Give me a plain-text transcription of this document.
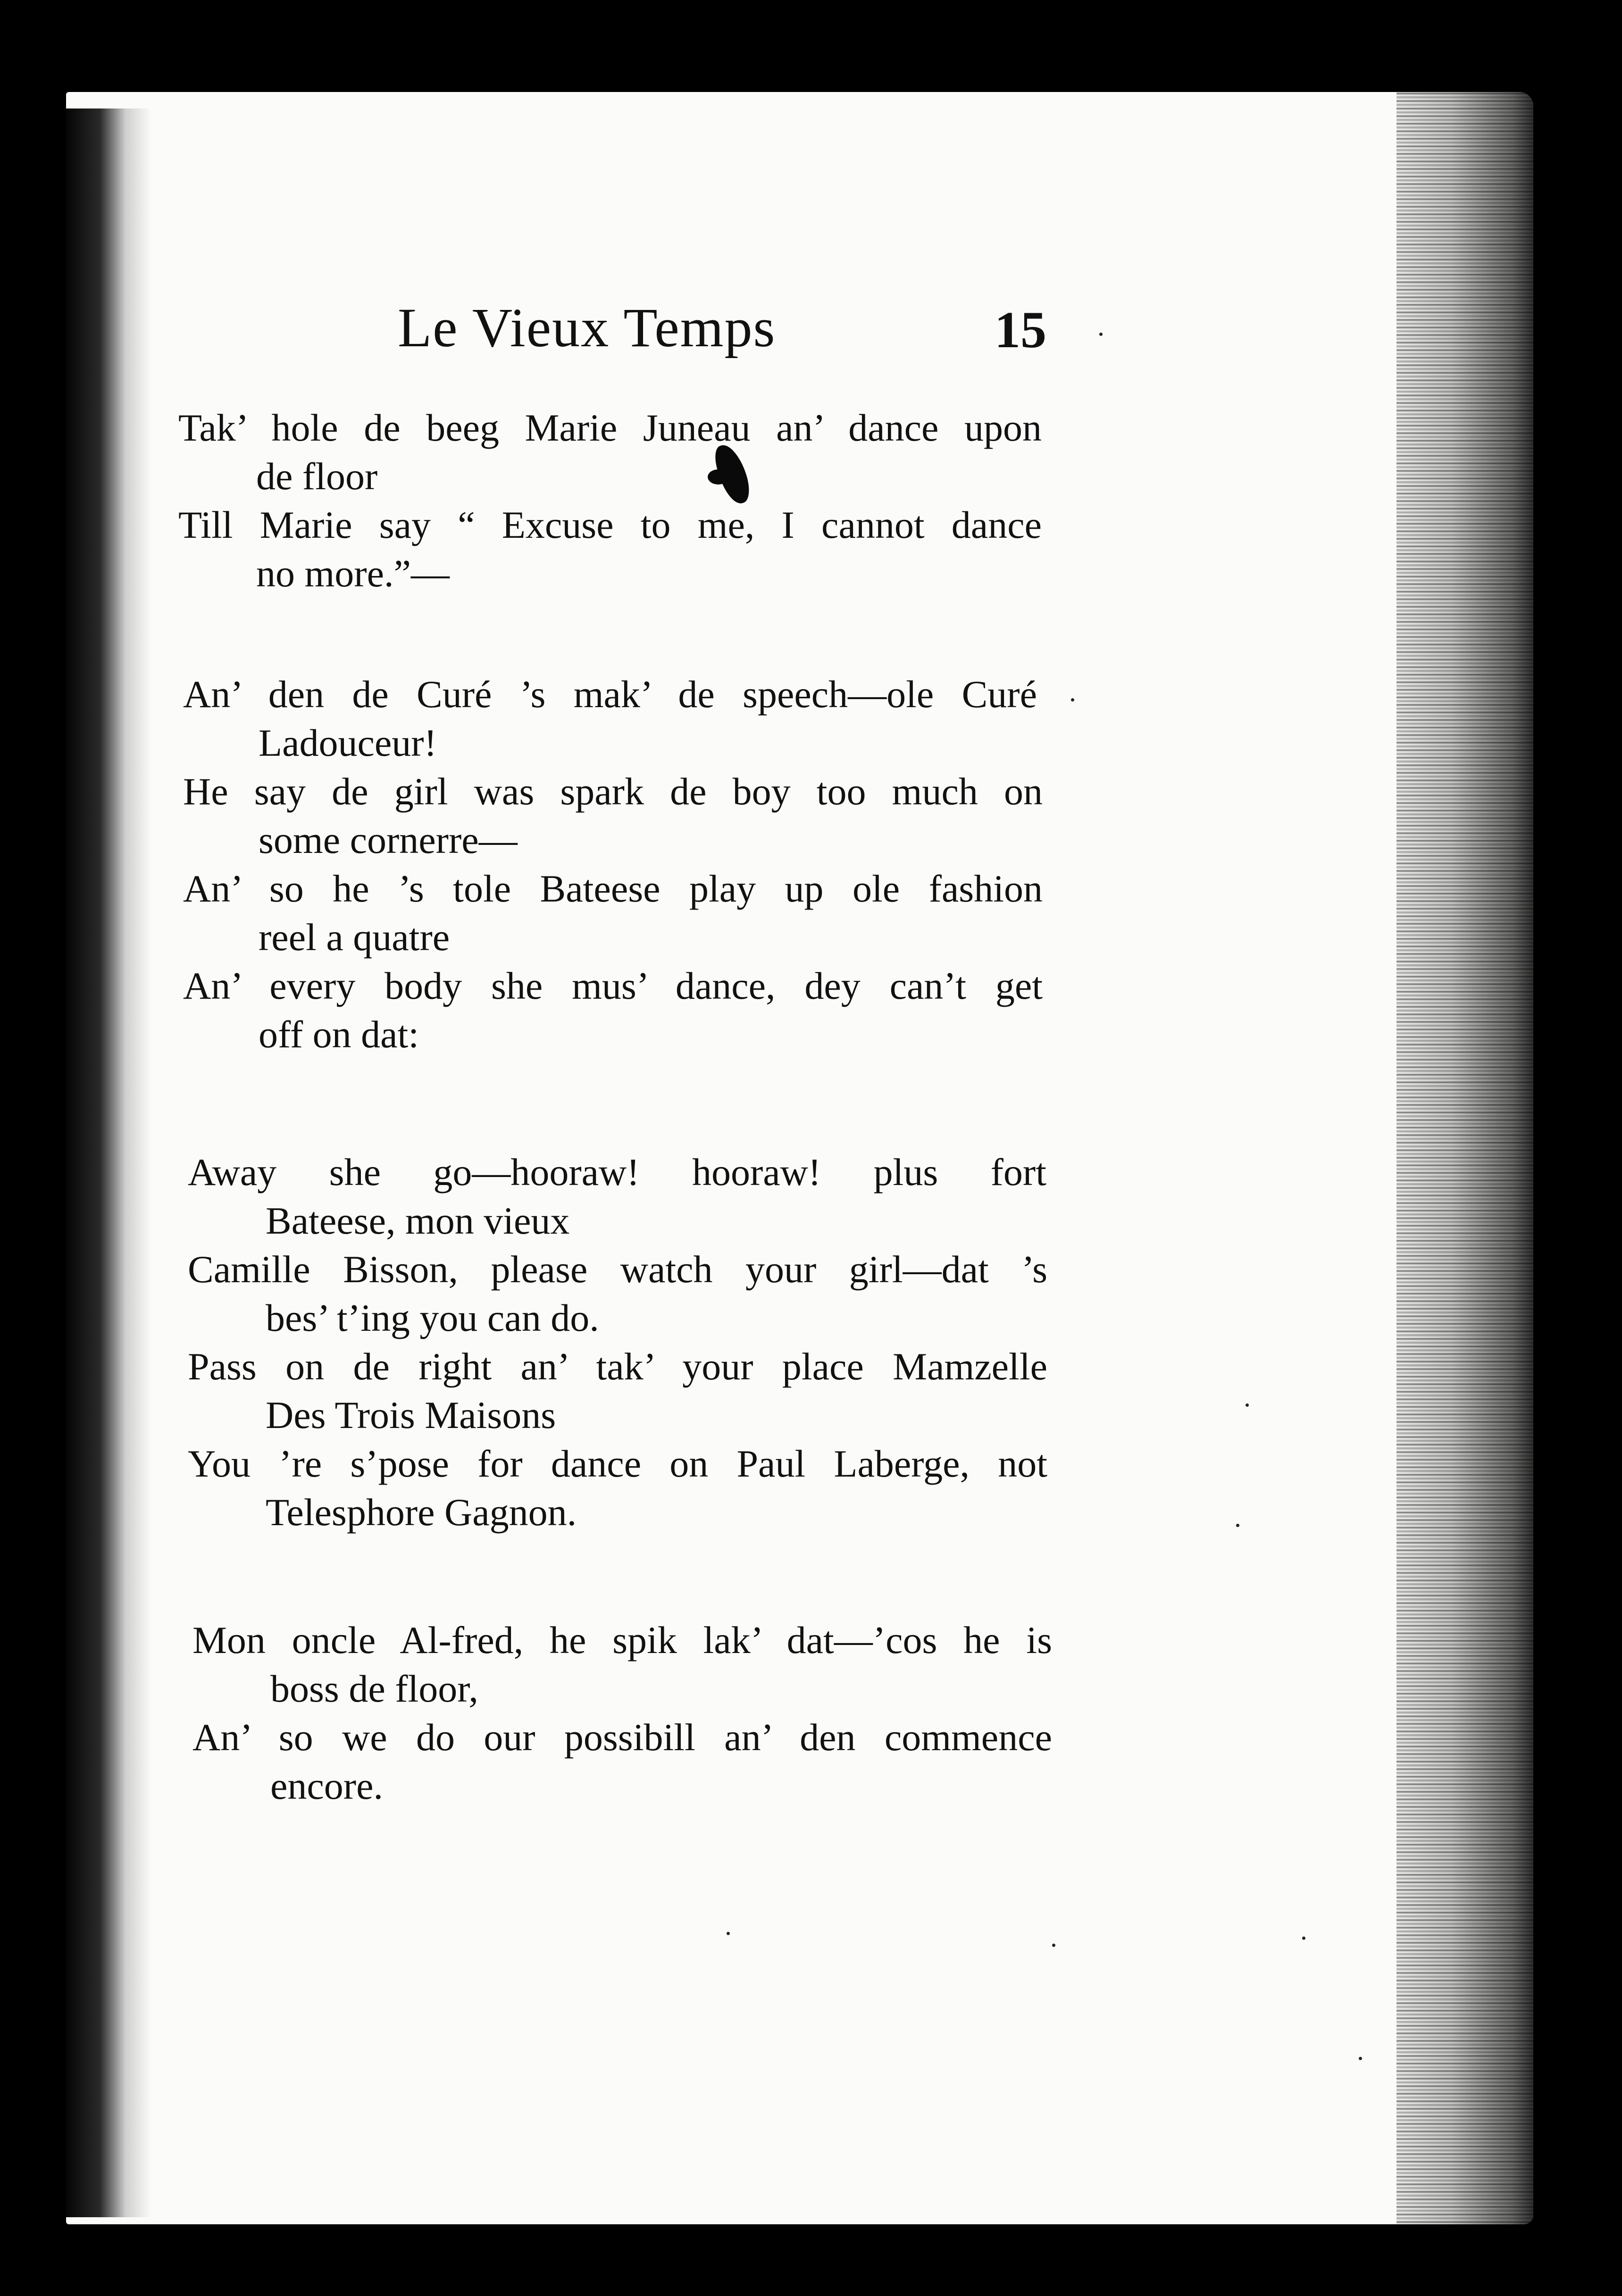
Le Vieux Temps	15

Tak’ hole de beeg Marie Juneau an’ dance upon

de floor

Till Marie say “ Excuse to me, I cannot dance

no more.”—

An’ den de Curé ’s mak’ de speech—ole Curé

Ladouceur!

He say de girl was spark de boy too much on

some cornerre—

An’ so he ’s tole Bateese play up ole fashion

reel a quatre

An’ every body she mus’ dance, dey can’t get

off on dat:

Away she go—hooraw! hooraw! plus fort

Bateese, mon vieux

Camille Bisson, please watch your girl—dat ’s

bes’ t’ing you can do.

Pass on de right an’ tak’ your place Mamzelle

Des Trois Maisons

You ’re s’pose for dance on Paul Laberge, not

Telesphore Gagnon.

Mon oncle Al-fred, he spik lak’ dat—’cos he is

boss de floor,

An’ so we do our possibill an’ den commence

encore.
